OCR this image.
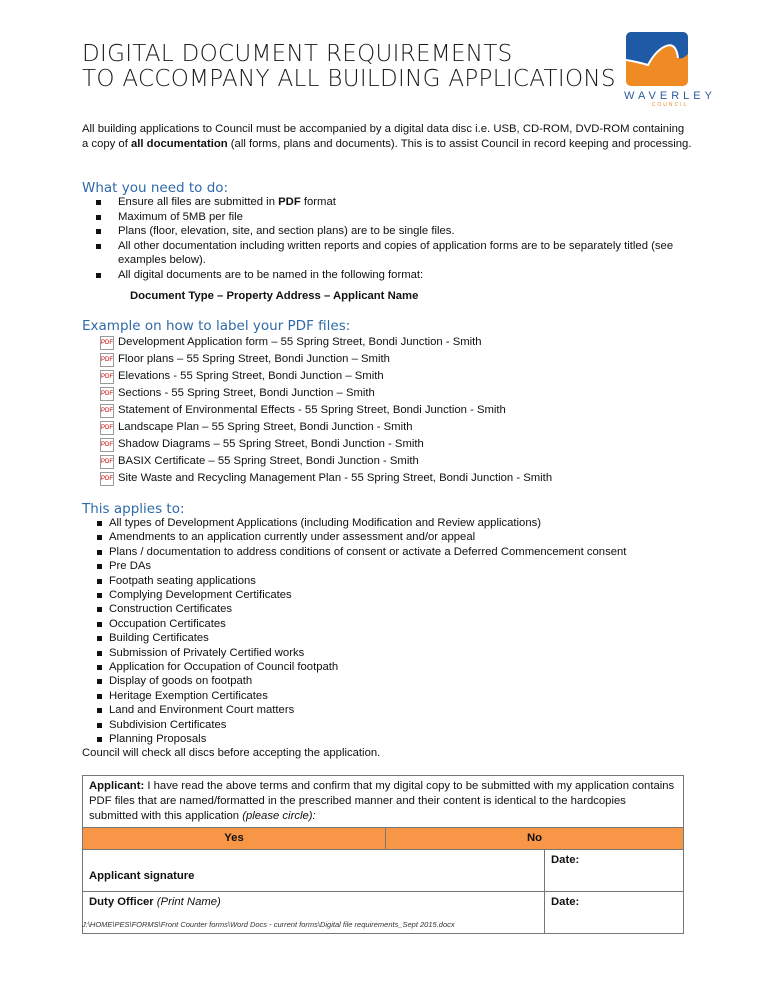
DIGITAL DOCUMENT REQUIREMENTS
TO ACCOMPANY ALL BUILDING APPLICATIONS
WAVERLEY
COUNCIL
All building applications to Council must be accompanied by a digital data disc i.e. USB, CD-ROM, DVD-ROM containing a copy of all documentation (all forms, plans and documents). This is to assist Council in record keeping and processing.
What you need to do:
Ensure all files are submitted in PDF format
Maximum of 5MB per file
Plans (floor, elevation, site, and section plans) are to be single files.
All other documentation including written reports and copies of application forms are to be separately titled (see examples below).
All digital documents are to be named in the following format:
Document Type – Property Address – Applicant Name
Example on how to label your PDF files:
PDF Development Application form – 55 Spring Street, Bondi Junction - Smith
PDF Floor plans – 55 Spring Street, Bondi Junction – Smith
PDF Elevations - 55 Spring Street, Bondi Junction – Smith
PDF Sections - 55 Spring Street, Bondi Junction – Smith
PDF Statement of Environmental Effects - 55 Spring Street, Bondi Junction - Smith
PDF Landscape Plan – 55 Spring Street, Bondi Junction - Smith
PDF Shadow Diagrams – 55 Spring Street, Bondi Junction - Smith
PDF BASIX Certificate – 55 Spring Street, Bondi Junction - Smith
PDF Site Waste and Recycling Management Plan - 55 Spring Street, Bondi Junction - Smith
This applies to:
All types of Development Applications (including Modification and Review applications)
Amendments to an application currently under assessment and/or appeal
Plans / documentation to address conditions of consent or activate a Deferred Commencement consent
Pre DAs
Footpath seating applications
Complying Development Certificates
Construction Certificates
Occupation Certificates
Building Certificates
Submission of Privately Certified works
Application for Occupation of Council footpath
Display of goods on footpath
Heritage Exemption Certificates
Land and Environment Court matters
Subdivision Certificates
Planning Proposals
Council will check all discs before accepting the application.
Applicant: I have read the above terms and confirm that my digital copy to be submitted with my application contains PDF files that are named/formatted in the prescribed manner and their content is identical to the hardcopies submitted with this application (please circle):		
Yes	No	
Applicant signature		Date:
Duty Officer (Print Name)		Date:
J:\HOME\PES\FORMS\Front Counter forms\Word Docs - current forms\Digital file requirements_Sept 2015.docx
